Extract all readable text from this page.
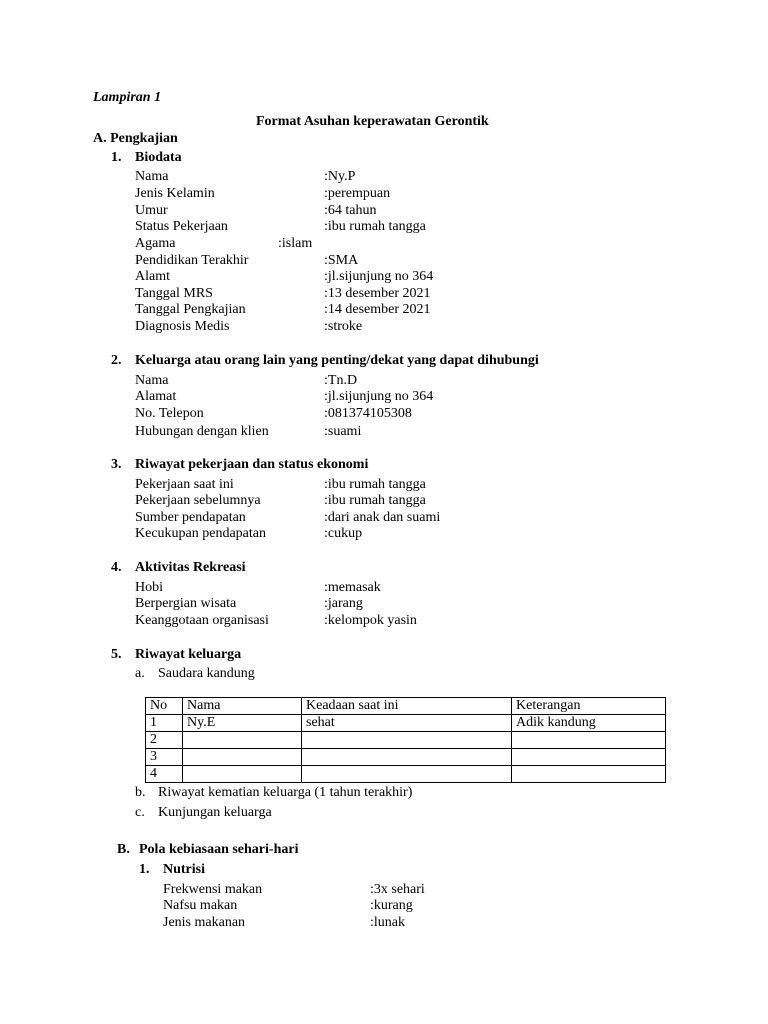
Lampiran 1
Format Asuhan keperawatan Gerontik
A. Pengkajian
1. Biodata
Nama	:Ny.P
Jenis Kelamin	:perempuan
Umur	:64 tahun
Status Pekerjaan	:ibu rumah tangga
Agama	:islam
Pendidikan Terakhir	:SMA
Alamt	:jl.sijunjung no 364
Tanggal MRS	:13 desember 2021
Tanggal Pengkajian	:14 desember 2021
Diagnosis Medis	:stroke
2. Keluarga atau orang lain yang penting/dekat yang dapat dihubungi
Nama	:Tn.D
Alamat	:jl.sijunjung no 364
No. Telepon	:081374105308
Hubungan dengan klien	:suami
3. Riwayat pekerjaan dan status ekonomi
Pekerjaan saat ini	:ibu rumah tangga
Pekerjaan sebelumnya	:ibu rumah tangga
Sumber pendapatan	:dari anak dan suami
Kecukupan pendapatan	:cukup
4. Aktivitas Rekreasi
Hobi	:memasak
Berpergian wisata	:jarang
Keanggotaan organisasi	:kelompok yasin
5. Riwayat keluarga
a. Saudara kandung
No	Nama	Keadaan saat ini	Keterangan
1	Ny.E	sehat	Adik kandung
2			
3			
4			
b. Riwayat kematian keluarga (1 tahun terakhir)
c. Kunjungan keluarga
B. Pola kebiasaan sehari-hari
1. Nutrisi
Frekwensi makan	:3x sehari
Nafsu makan	:kurang
Jenis makanan	:lunak
